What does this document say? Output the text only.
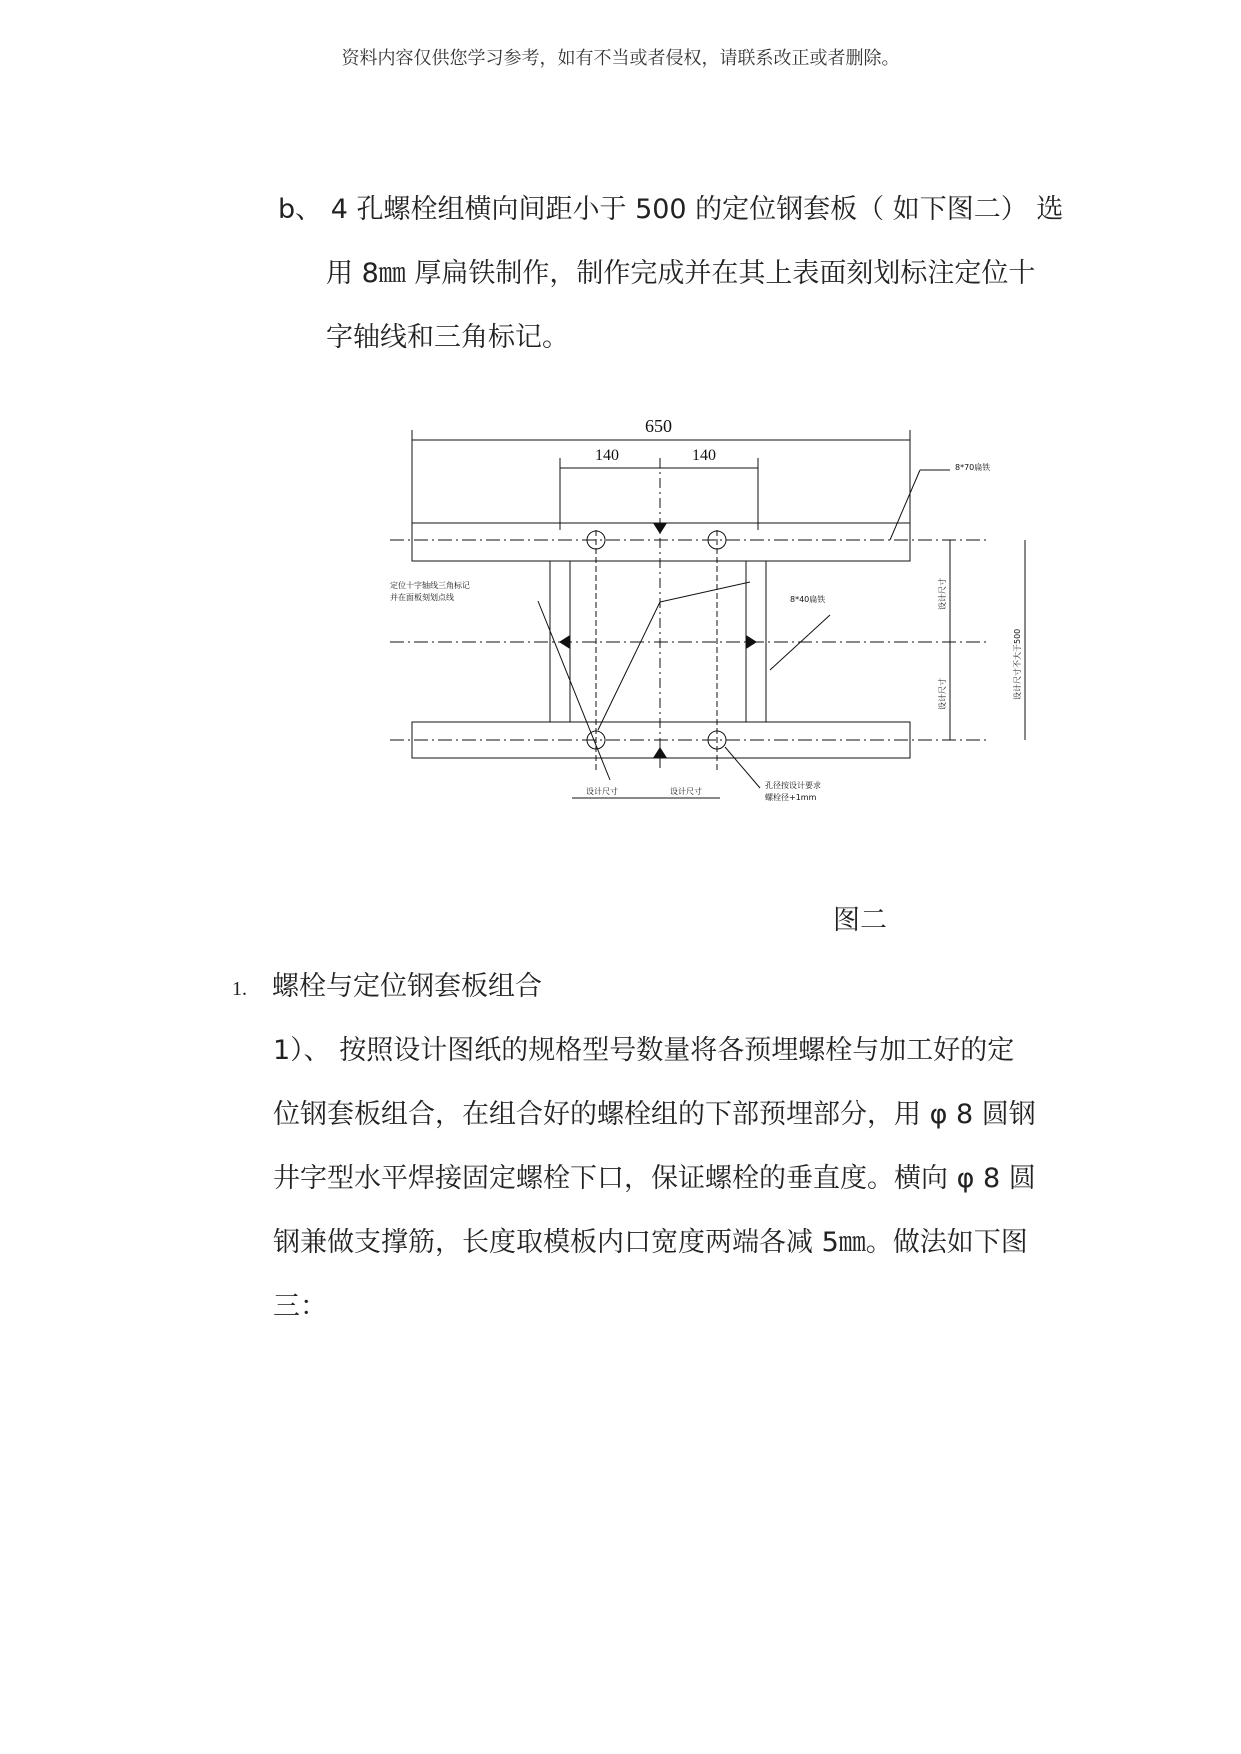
资料内容仅供您学习参考，如有不当或者侵权，请联系改正或者删除。
b、 4 孔螺栓组横向间距小于 500 的定位钢套板（ 如下图二） 选
用 8㎜ 厚扁铁制作，制作完成并在其上表面刻划标注定位十
字轴线和三角标记。
650
140	140
8*70扁铁
8*40扁铁
定位十字轴线三角标记
并在面板刻划点线	设计尺寸
设计尺寸	设计尺寸不大于500
孔径按设计要求
螺栓径+1mm
设计尺寸	设计尺寸
图二
1. 螺栓与定位钢套板组合
1）、 按照设计图纸的规格型号数量将各预埋螺栓与加工好的定
位钢套板组合，在组合好的螺栓组的下部预埋部分，用 φ 8 圆钢
井字型水平焊接固定螺栓下口，保证螺栓的垂直度。横向 φ 8 圆
钢兼做支撑筋，长度取模板内口宽度两端各减 5㎜。做法如下图
三：
